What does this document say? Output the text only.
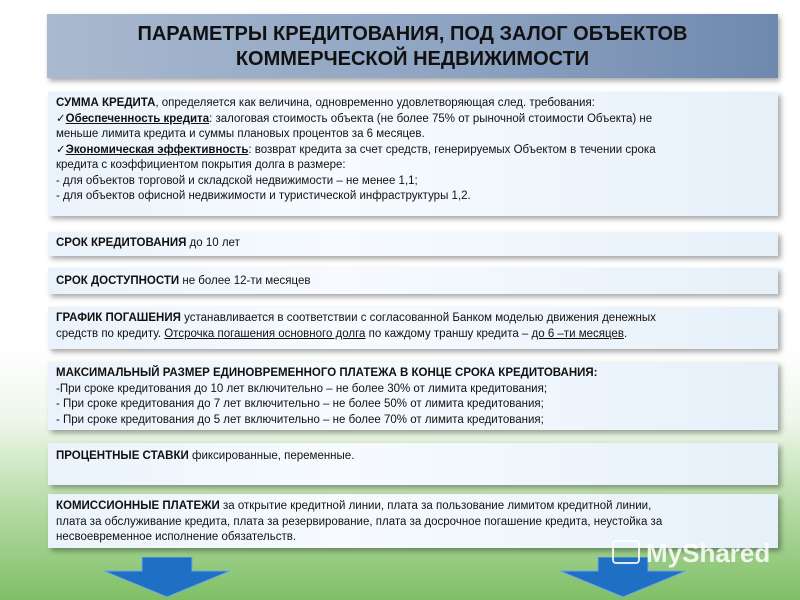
ПАРАМЕТРЫ КРЕДИТОВАНИЯ, ПОД ЗАЛОГ ОБЪЕКТОВ
КОММЕРЧЕСКОЙ НЕДВИЖИМОСТИ
СУММА КРЕДИТА, определяется как величина, одновременно удовлетворяющая след. требования:
✓Обеспеченность кредита: залоговая стоимость объекта (не более 75% от рыночной стоимости Объекта) не
меньше лимита кредита и суммы плановых процентов за 6 месяцев.
✓Экономическая эффективность: возврат кредита за счет средств, генерируемых Объектом в течении срока
кредита с коэффициентом покрытия долга в размере:
- для объектов торговой и складской недвижимости – не менее 1,1;
- для объектов офисной недвижимости и туристической инфраструктуры 1,2.
СРОК КРЕДИТОВАНИЯ до 10 лет
СРОК ДОСТУПНОСТИ не более 12-ти месяцев
ГРАФИК ПОГАШЕНИЯ устанавливается в соответствии с согласованной Банком моделью движения денежных
средств по кредиту. Отсрочка погашения основного долга по каждому траншу кредита – до 6 –ти месяцев.
МАКСИМАЛЬНЫЙ РАЗМЕР ЕДИНОВРЕМЕННОГО ПЛАТЕЖА В КОНЦЕ СРОКА КРЕДИТОВАНИЯ:
-При сроке кредитования до 10 лет включительно – не более 30% от лимита кредитования;
- При сроке кредитования до 7 лет включительно – не более 50% от лимита кредитования;
- При сроке кредитования до 5 лет включительно – не более 70% от лимита кредитования;
ПРОЦЕНТНЫЕ СТАВКИ фиксированные, переменные.
КОМИССИОННЫЕ ПЛАТЕЖИ за открытие кредитной линии, плата за пользование лимитом кредитной линии,
плата за обслуживание кредита, плата за резервирование, плата за досрочное погашение кредита, неустойка за
несвоевременное исполнение обязательств.
MyShared
